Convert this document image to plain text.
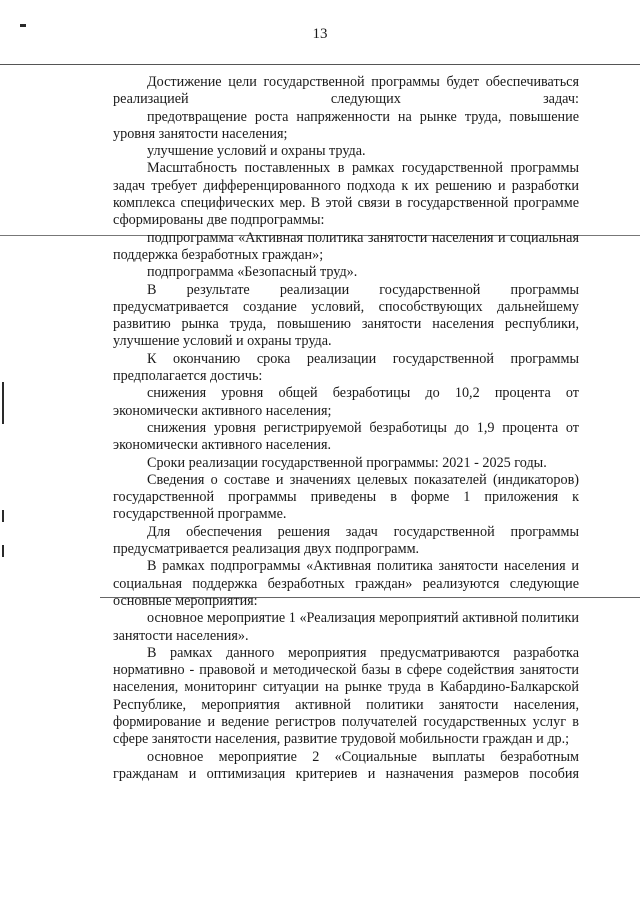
13

Достижение цели государственной программы будет обеспечиваться реализацией следующих задач:

предотвращение роста напряженности на рынке труда, повышение уровня занятости населения;

улучшение условий и охраны труда.

Масштабность поставленных в рамках государственной программы задач требует дифференцированного подхода к их решению и разработки комплекса специфических мер. В этой связи в государственной программе сформированы две подпрограммы:

подпрограмма «Активная политика занятости населения и социальная поддержка безработных граждан»;

подпрограмма «Безопасный труд».

В результате реализации государственной программы предусматривается создание условий, способствующих дальнейшему развитию рынка труда, повышению занятости населения республики, улучшение условий и охраны труда.

К окончанию срока реализации государственной программы предполагается достичь:

снижения уровня общей безработицы до 10,2 процента от экономически активного населения;

снижения уровня регистрируемой безработицы до 1,9 процента от экономически активного населения.

Сроки реализации государственной программы: 2021 - 2025 годы.

Сведения о составе и значениях целевых показателей (индикаторов) государственной программы приведены в форме 1 приложения к государственной программе.

Для обеспечения решения задач государственной программы предусматривается реализация двух подпрограмм.

В рамках подпрограммы «Активная политика занятости населения и социальная поддержка безработных граждан» реализуются следующие основные мероприятия:

основное мероприятие 1 «Реализация мероприятий активной политики занятости населения».

В рамках данного мероприятия предусматриваются разработка нормативно - правовой и методической базы в сфере содействия занятости населения, мониторинг ситуации на рынке труда в Кабардино-Балкарской Республике, мероприятия активной политики занятости населения, формирование и ведение регистров получателей государственных услуг в сфере занятости населения, развитие трудовой мобильности граждан и др.;

основное мероприятие 2 «Социальные выплаты безработным гражданам и оптимизация критериев и назначения размеров пособия
